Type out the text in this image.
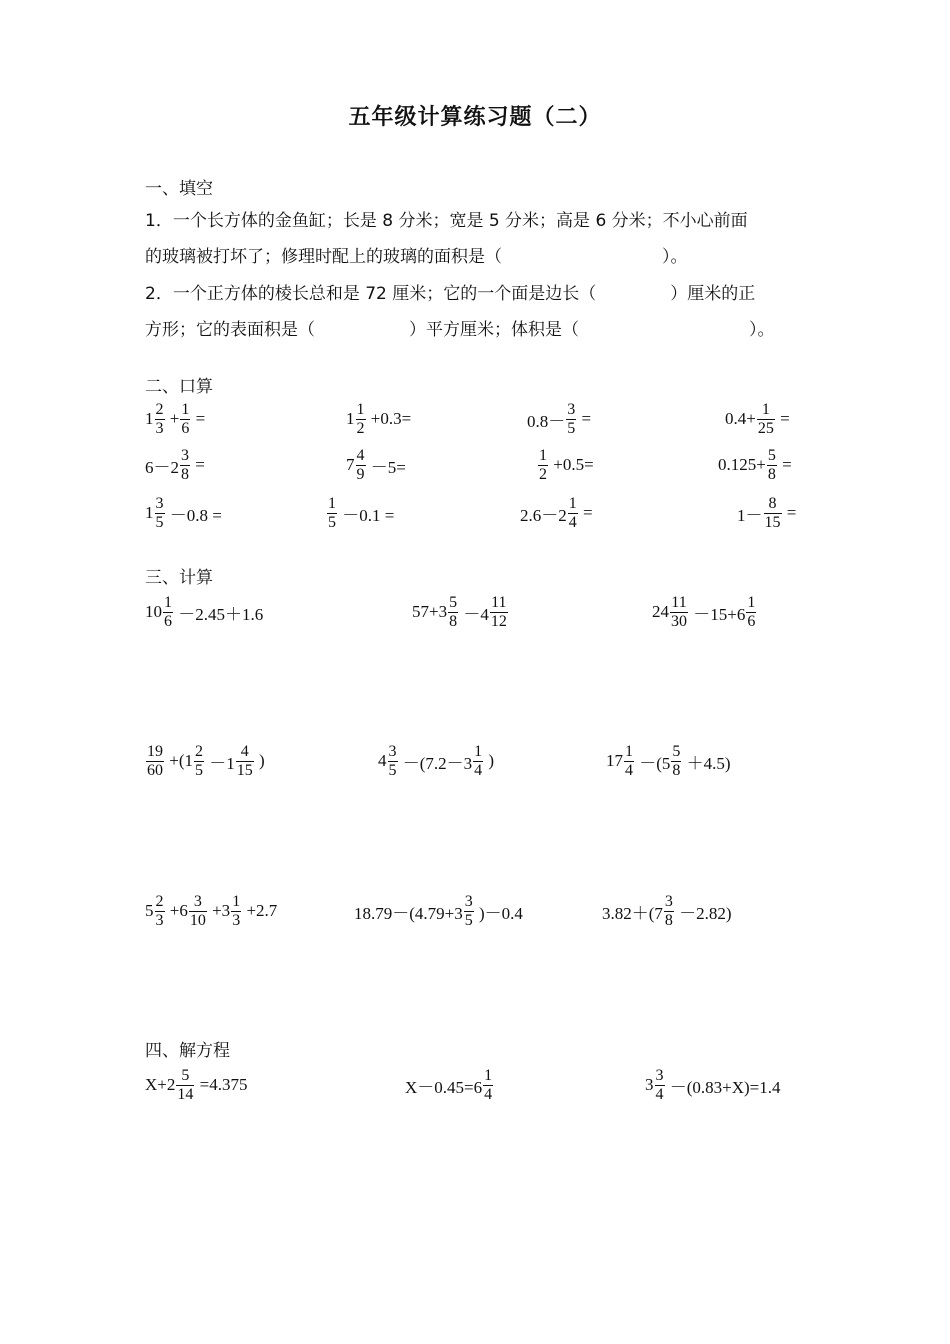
五年级计算练习题（二）
一、填空
1．一个长方体的金鱼缸；长是 8 分米；宽是 5 分米；高是 6 分米；不小心前面
的玻璃被打坏了；修理时配上的玻璃的面积是（	）。
2．一个正方体的棱长总和是 72 厘米；它的一个面是边长（	）厘米的正
方形；它的表面积是（	）平方厘米；体积是（	）。
二、口算
$1 \frac{2}{3} + \frac{1}{6}$ =	$1 \frac{1}{2} +0.3=$	$0.8- \frac{3}{5}$ =	$0.4+ \frac{1}{25}$ =
$6-2 \frac{3}{8}$ =	$7 \frac{4}{9} -5=$	$\frac{1}{2} +0.5=$	$0.125+ \frac{5}{8}$ =
$1 \frac{3}{5} -0.8$ =	$\frac{1}{5} -0.1$ =	$2.6-2 \frac{1}{4}$ =	$1- \frac{8}{15}$ =
三、计算
$10 \frac{1}{6} -2.45+1.6$	$57+3 \frac{5}{8} -4 \frac{11}{12}$	$24 \frac{11}{30} -15+6 \frac{1}{6}$
$\frac{19}{60} +(1 \frac{2}{5} -1 \frac{4}{15}$ )	$4 \frac{3}{5} -(7.2-3 \frac{1}{4}$ )	$17 \frac{1}{4} -(5 \frac{5}{8} +4.5)$
$5 \frac{2}{3} +6 \frac{3}{10} +3 \frac{1}{3} +2.7$	$18.79-(4.79+3 \frac{3}{5} )-0.4$	$3.82+(7 \frac{3}{8} -2.82)$
四、解方程
$X+2 \frac{5}{14} =4.375$	$X-0.45=6 \frac{1}{4}$	$3 \frac{3}{4} -(0.83+X)=1.4$
